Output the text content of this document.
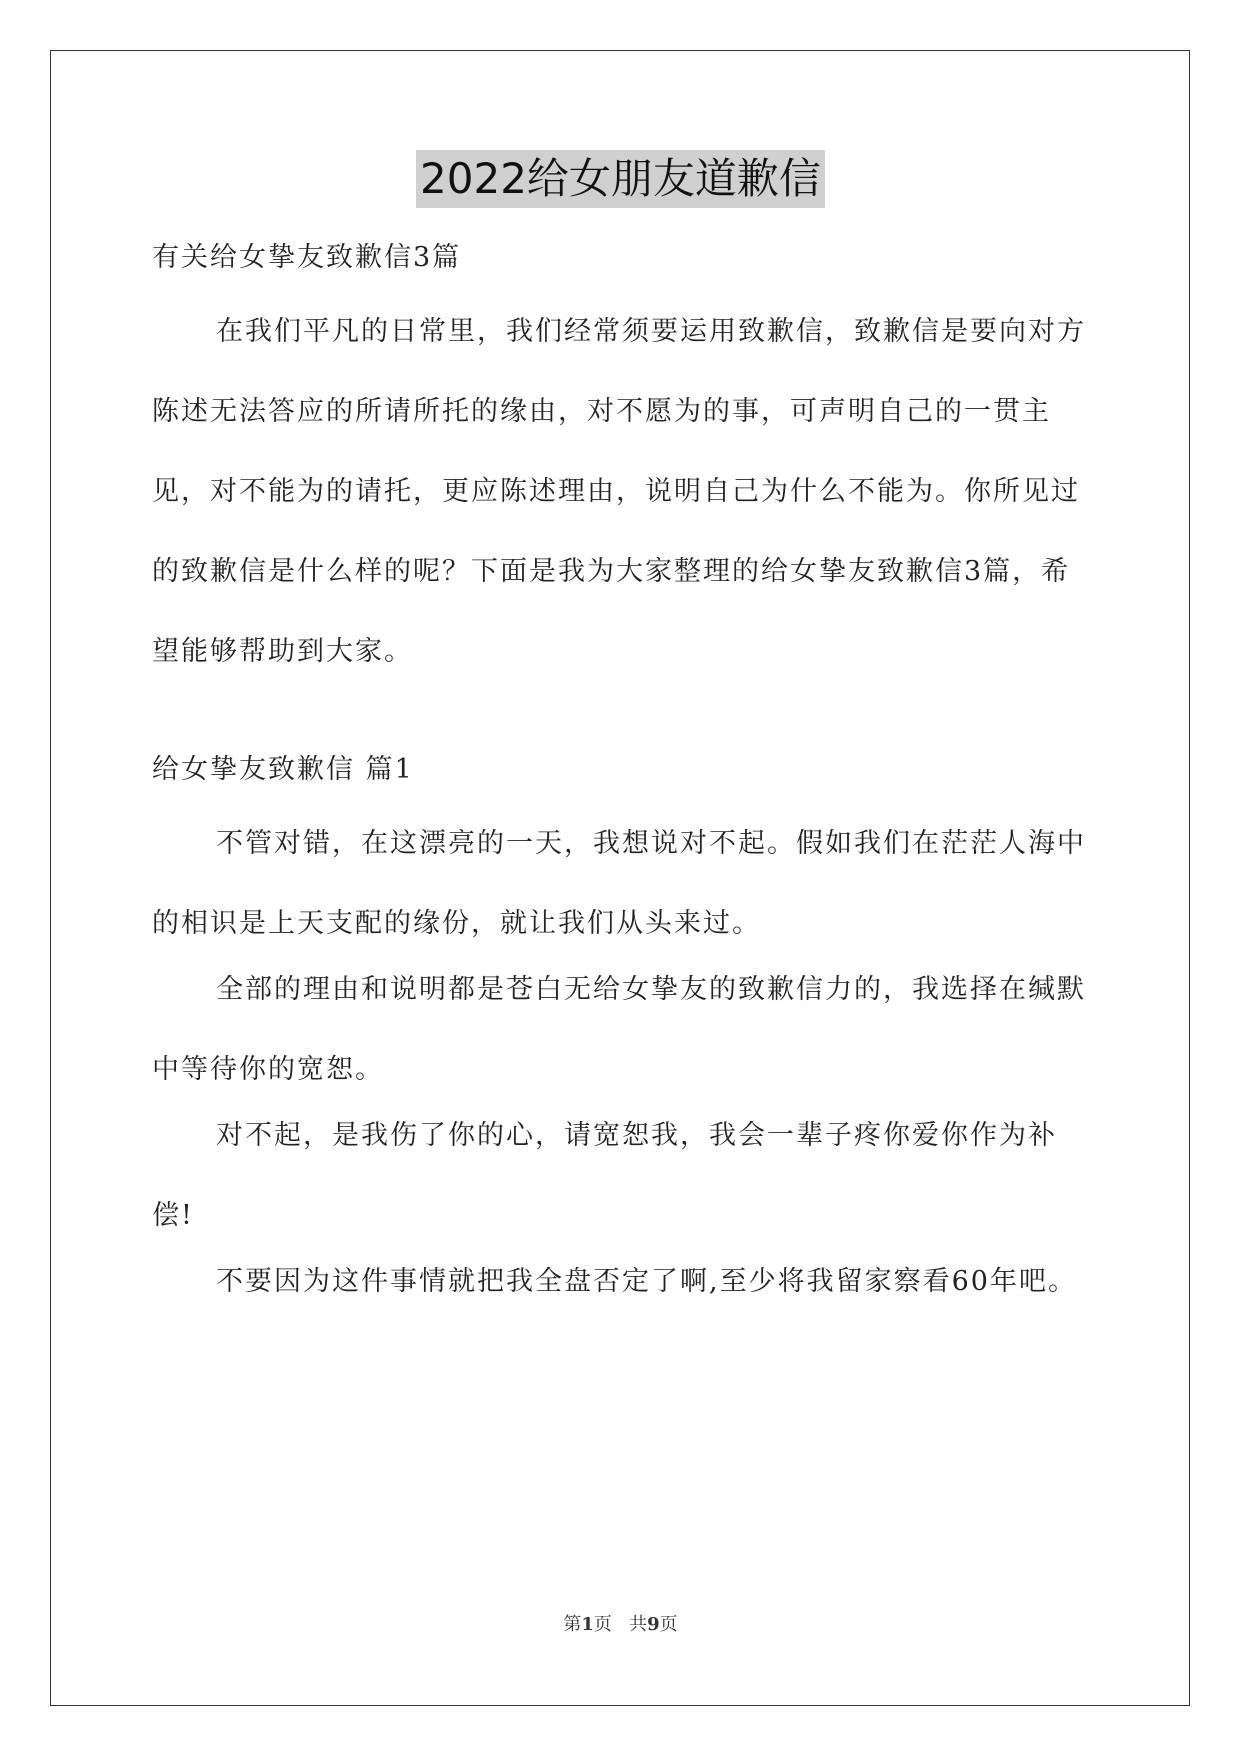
2022给女朋友道歉信

有关给女挚友致歉信3篇

在我们平凡的日常里，我们经常须要运用致歉信，致歉信是要向对方陈述无法答应的所请所托的缘由，对不愿为的事，可声明自己的一贯主见，对不能为的请托，更应陈述理由，说明自己为什么不能为。你所见过的致歉信是什么样的呢？下面是我为大家整理的给女挚友致歉信3篇，希望能够帮助到大家。

给女挚友致歉信 篇1

不管对错，在这漂亮的一天，我想说对不起。假如我们在茫茫人海中的相识是上天支配的缘份，就让我们从头来过。

全部的理由和说明都是苍白无给女挚友的致歉信力的，我选择在缄默中等待你的宽恕。

对不起，是我伤了你的心，请宽恕我，我会一辈子疼你爱你作为补偿!

不要因为这件事情就把我全盘否定了啊,至少将我留家察看60年吧。

第1页 共9页
